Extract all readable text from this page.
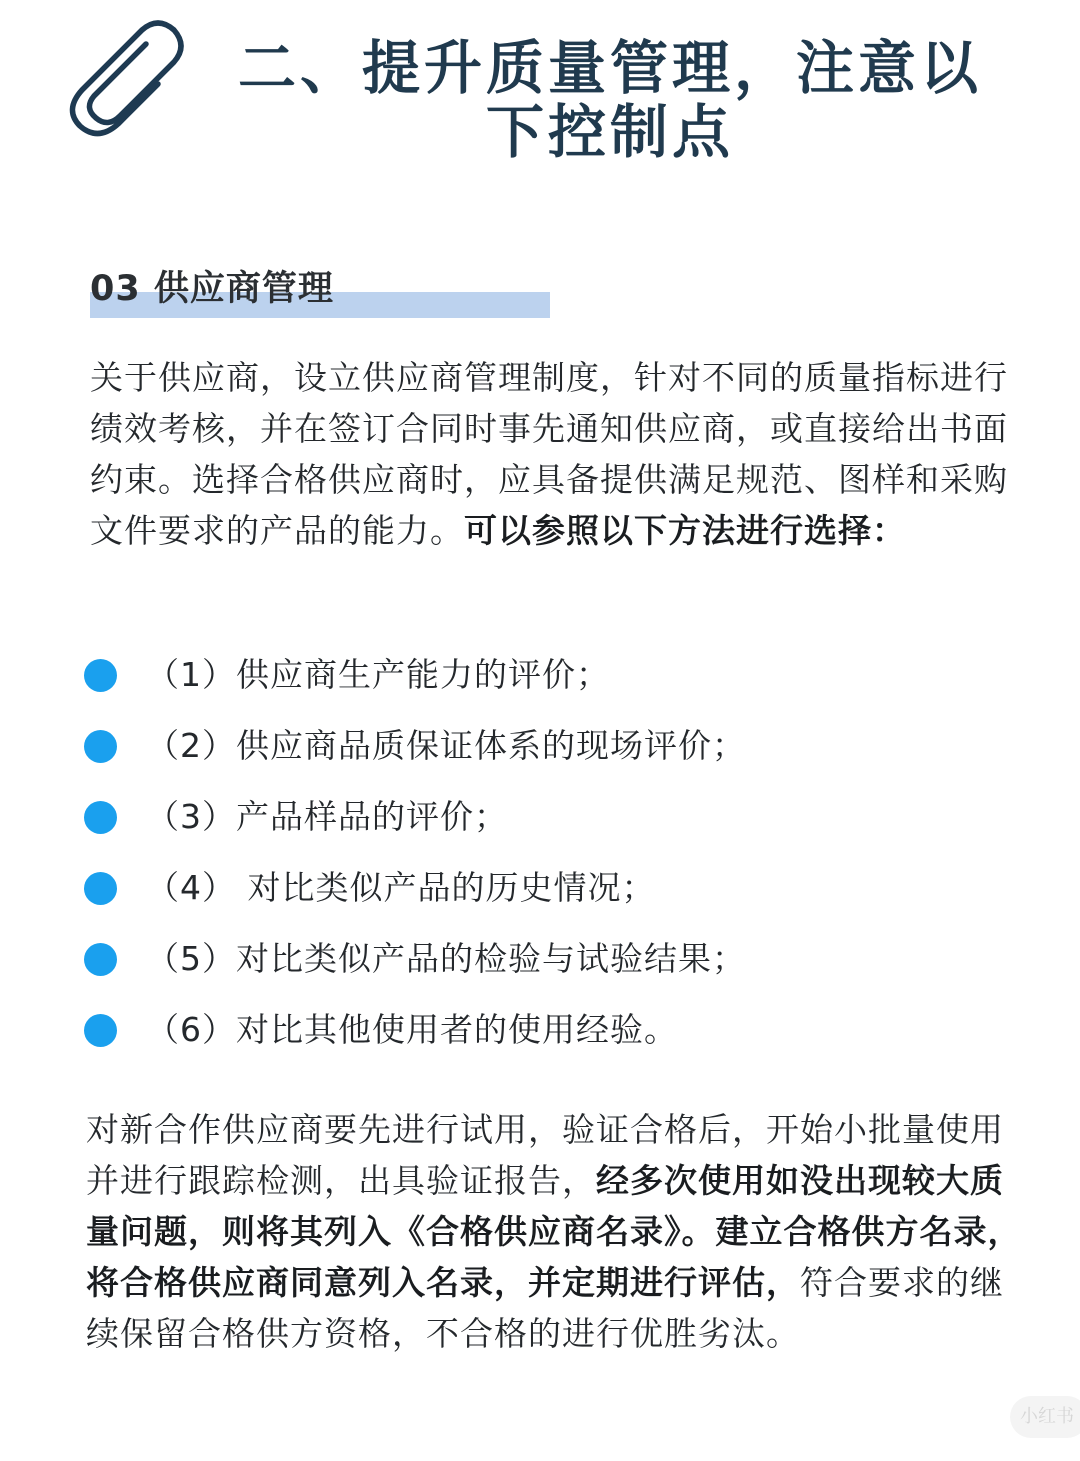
二、提升质量管理，注意以
下控制点
03 供应商管理
关于供应商，设立供应商管理制度，针对不同的质量指标进行绩效考核，并在签订合同时事先通知供应商，或直接给出书面约束。选择合格供应商时，应具备提供满足规范、图样和采购文件要求的产品的能力。可以参照以下方法进行选择：
（1）供应商生产能力的评价；
（2）供应商品质保证体系的现场评价；
（3）产品样品的评价；
（4） 对比类似产品的历史情况；
（5）对比类似产品的检验与试验结果；
（6）对比其他使用者的使用经验。
对新合作供应商要先进行试用，验证合格后，开始小批量使用并进行跟踪检测，出具验证报告，经多次使用如没出现较大质量问题，则将其列入《合格供应商名录》。建立合格供方名录，将合格供应商同意列入名录，并定期进行评估，符合要求的继续保留合格供方资格，不合格的进行优胜劣汰。
小红书
